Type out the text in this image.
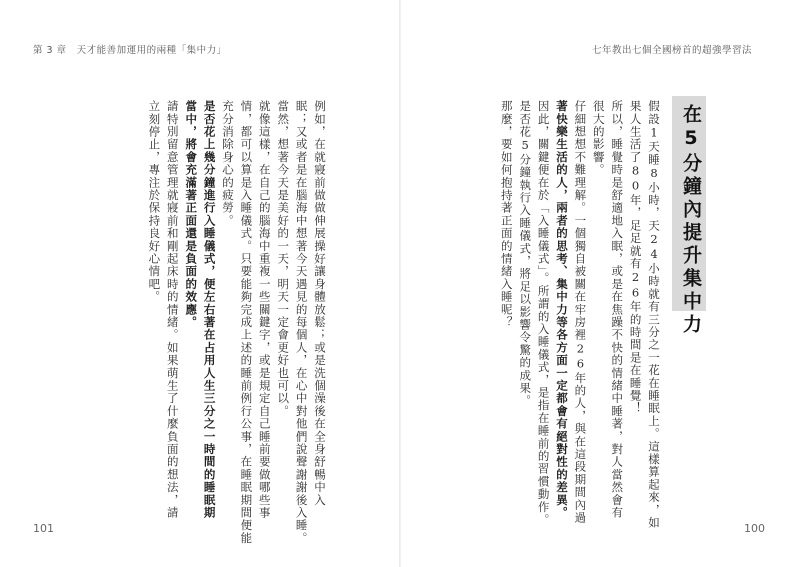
第 3 章　天才能善加運用的兩種「集中力」	七年教出七個全國榜首的超強學習法
在5分鐘內提升集中力
假設1天睡8小時，天24小時就有三分之一花在睡眠上。這樣算起來，如
果人生活了80年，足足就有26年的時間是在睡覺！
所以，睡覺時是舒適地入眠，或是在焦躁不快的情緒中睡著，對人當然會有
很大的影響。
仔細想想不難理解。一個獨自被關在牢房裡26年的人，與在這段期間內過
著快樂生活的人，兩者的思考、集中力等各方面一定都會有絕對性的差異。
因此，關鍵便在於「入睡儀式」。所謂的入睡儀式，是指在睡前的習慣動作。
是否花5分鐘執行入睡儀式，將足以影響令驚的成果。
那麼，要如何抱持著正面的情緒入睡呢？
例如，在就寢前做做伸展操好讓身體放鬆；或是洗個澡後在全身舒暢中入
眠；又或者是在腦海中想著今天遇見的每個人，在心中對他們說聲謝謝後入睡。
當然，想著今天是美好的一天，明天一定會更好也可以。
就像這樣，在自己的腦海中重複一些關鍵字，或是規定自己睡前要做哪些事
情，都可以算是入睡儀式。只要能夠完成上述的睡前例行公事，在睡眠期間便能
充分消除身心的疲勞。
是否花上幾分鐘進行入睡儀式，便左右著在占用人生三分之一時間的睡眠期
當中，將會充滿著正面還是負面的效應。
請特別留意管理就寢前和剛起床時的情緒。如果萌生了什麼負面的想法，請
立刻停止，專注於保持良好心情吧。
101	100
